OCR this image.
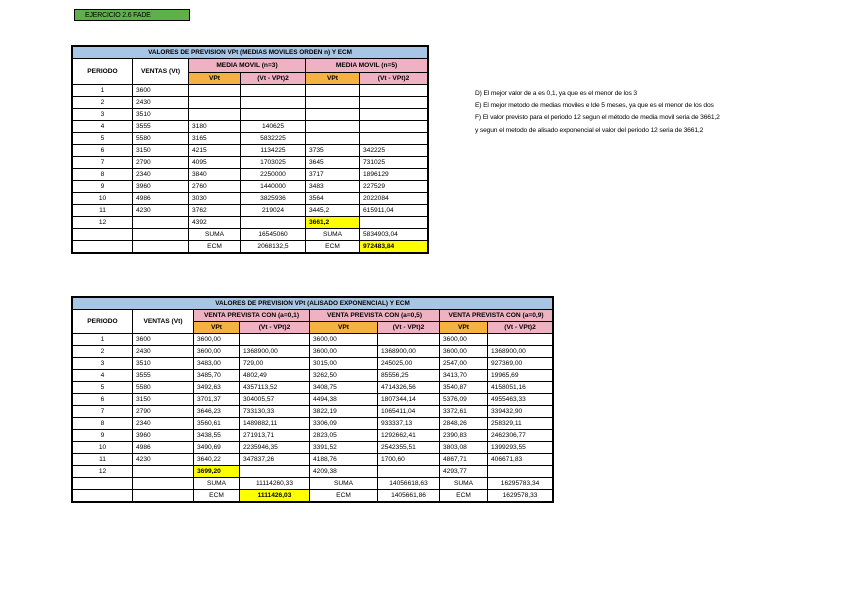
EJERCICIO 2.6 FADE
VALORES DE PREVISION VPt (MEDIAS MOVILES ORDEN n) Y ECM					
PERIODO	VENTAS (Vt)	MEDIA MOVIL (n=3)		MEDIA MOVIL (n=5)	
		VPt	(Vt - VPt)2	VPt	(Vt - VPt)2
1	3600				
2	2430				
3	3510				
4	3555	3180	140625		
5	5580	3165	5832225		
6	3150	4215	1134225	3735	342225
7	2790	4095	1703025	3645	731025
8	2340	3840	2250000	3717	1896129
9	3960	2760	1440000	3483	227529
10	4986	3030	3825936	3564	2022084
11	4230	3762	219024	3445,2	615911,04
12		4392		3661,2	
		SUMA	16545060	SUMA	5834903,04
		ECM	2068132,5	ECM	972483,84
VALORES DE PREVISION VPt (ALISADO EXPONENCIAL) Y ECM							
PERIODO	VENTAS (Vt)	VENTA PREVISTA CON (a=0,1)		VENTA PREVISTA CON (a=0,5)		VENTA PREVISTA CON (a=0,9)	
		VPt	(Vt - VPt)2	VPt	(Vt - VPt)2	VPt	(Vt - VPt)2
1	3600	3600,00		3600,00		3600,00	
2	2430	3600,00	1368900,00	3600,00	1368900,00	3600,00	1368900,00
3	3510	3483,00	729,00	3015,00	245025,00	2547,00	927369,00
4	3555	3485,70	4802,49	3262,50	85556,25	3413,70	19965,69
5	5580	3492,63	4357113,52	3408,75	4714326,56	3540,87	4158051,16
6	3150	3701,37	304005,57	4494,38	1807344,14	5376,09	4955463,33
7	2790	3646,23	733130,33	3822,19	1065411,04	3372,61	339432,90
8	2340	3560,61	1489882,11	3306,09	933337,13	2848,26	258329,11
9	3960	3438,55	271913,71	2823,05	1292662,41	2390,83	2462306,77
10	4986	3490,69	2235946,35	3391,52	2542355,51	3803,08	1399293,55
11	4230	3640,22	347837,26	4188,76	1700,60	4867,71	406671,83
12		3699,20		4209,38		4293,77	
		SUMA	11114260,33	SUMA	14056618,63	SUMA	16295783,34
		ECM	1111426,03	ECM	1405661,86	ECM	1629578,33
D) El mejor valor de a es 0,1, ya que es el menor de los 3
E) El mejor metodo de medias moviles e lde 5 meses, ya que es el menor de los dos
F) El valor previsto para el periodo 12 segun el método de media movil seria de 3661,2
y segun el metodo de alisado exponencial el valor del periodo 12 seria de 3661,2
